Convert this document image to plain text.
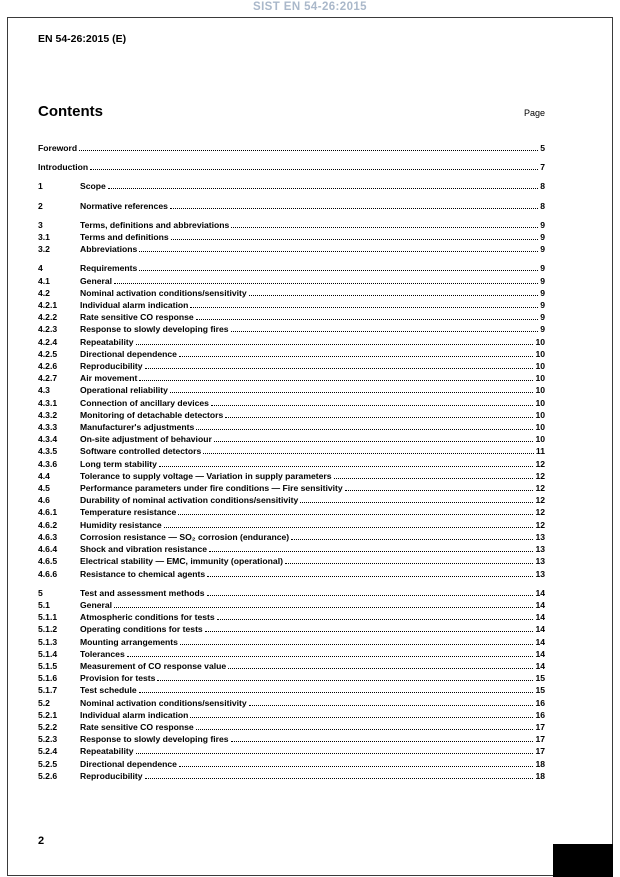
SIST EN 54-26:2015
EN 54-26:2015 (E)
Contents	Page
Foreword	5
Introduction	7
1	Scope	8
2	Normative references	8
3	Terms, definitions and abbreviations	9
3.1	Terms and definitions	9
3.2	Abbreviations	9
4	Requirements	9
4.1	General	9
4.2	Nominal activation conditions/sensitivity	9
4.2.1	Individual alarm indication	9
4.2.2	Rate sensitive CO response	9
4.2.3	Response to slowly developing fires	9
4.2.4	Repeatability	10
4.2.5	Directional dependence	10
4.2.6	Reproducibility	10
4.2.7	Air movement	10
4.3	Operational reliability	10
4.3.1	Connection of ancillary devices	10
4.3.2	Monitoring of detachable detectors	10
4.3.3	Manufacturer's adjustments	10
4.3.4	On-site adjustment of behaviour	10
4.3.5	Software controlled detectors	11
4.3.6	Long term stability	12
4.4	Tolerance to supply voltage — Variation in supply parameters	12
4.5	Performance parameters under fire conditions — Fire sensitivity	12
4.6	Durability of nominal activation conditions/sensitivity	12
4.6.1	Temperature resistance	12
4.6.2	Humidity resistance	12
4.6.3	Corrosion resistance — SO₂ corrosion (endurance)	13
4.6.4	Shock and vibration resistance	13
4.6.5	Electrical stability — EMC, immunity (operational)	13
4.6.6	Resistance to chemical agents	13
5	Test and assessment methods	14
5.1	General	14
5.1.1	Atmospheric conditions for tests	14
5.1.2	Operating conditions for tests	14
5.1.3	Mounting arrangements	14
5.1.4	Tolerances	14
5.1.5	Measurement of CO response value	14
5.1.6	Provision for tests	15
5.1.7	Test schedule	15
5.2	Nominal activation conditions/sensitivity	16
5.2.1	Individual alarm indication	16
5.2.2	Rate sensitive CO response	17
5.2.3	Response to slowly developing fires	17
5.2.4	Repeatability	17
5.2.5	Directional dependence	18
5.2.6	Reproducibility	18
2
